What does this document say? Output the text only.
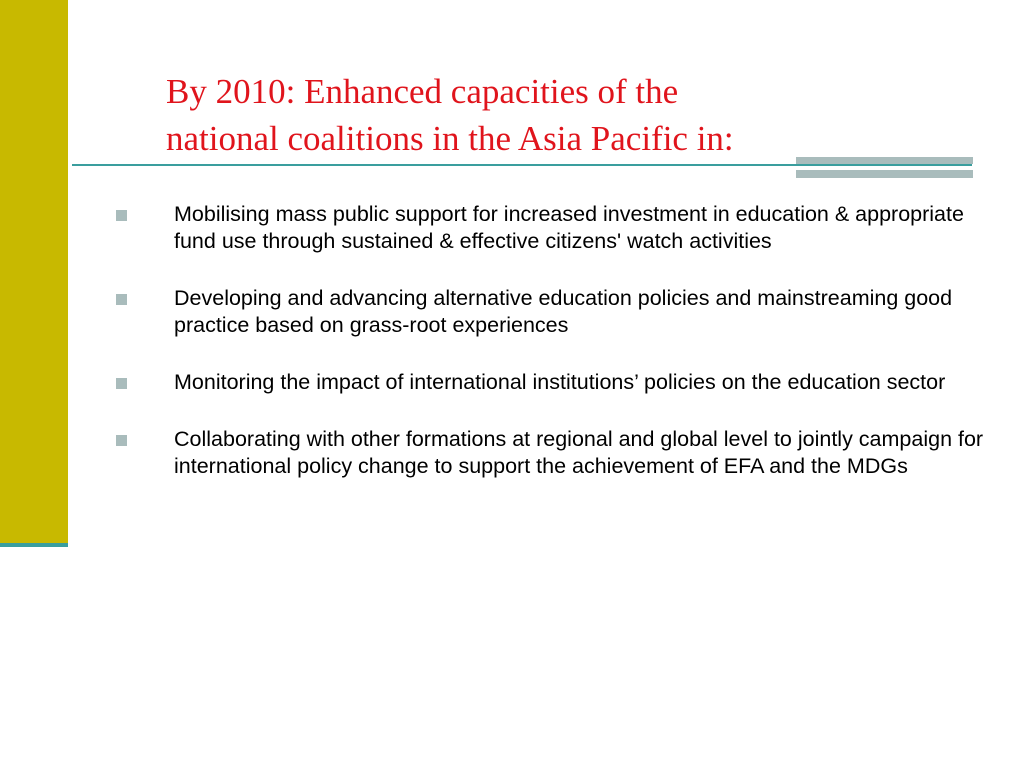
By 2010: Enhanced capacities of the
national coalitions in the Asia Pacific in:
Mobilising mass public support for increased investment in education & appropriate fund use through sustained & effective citizens' watch activities
Developing and advancing alternative education policies and mainstreaming good practice based on grass-root experiences
Monitoring the impact of international institutions’ policies on the education sector
Collaborating with other formations at regional and global level to jointly campaign for international policy change to support the achievement of EFA and the MDGs
